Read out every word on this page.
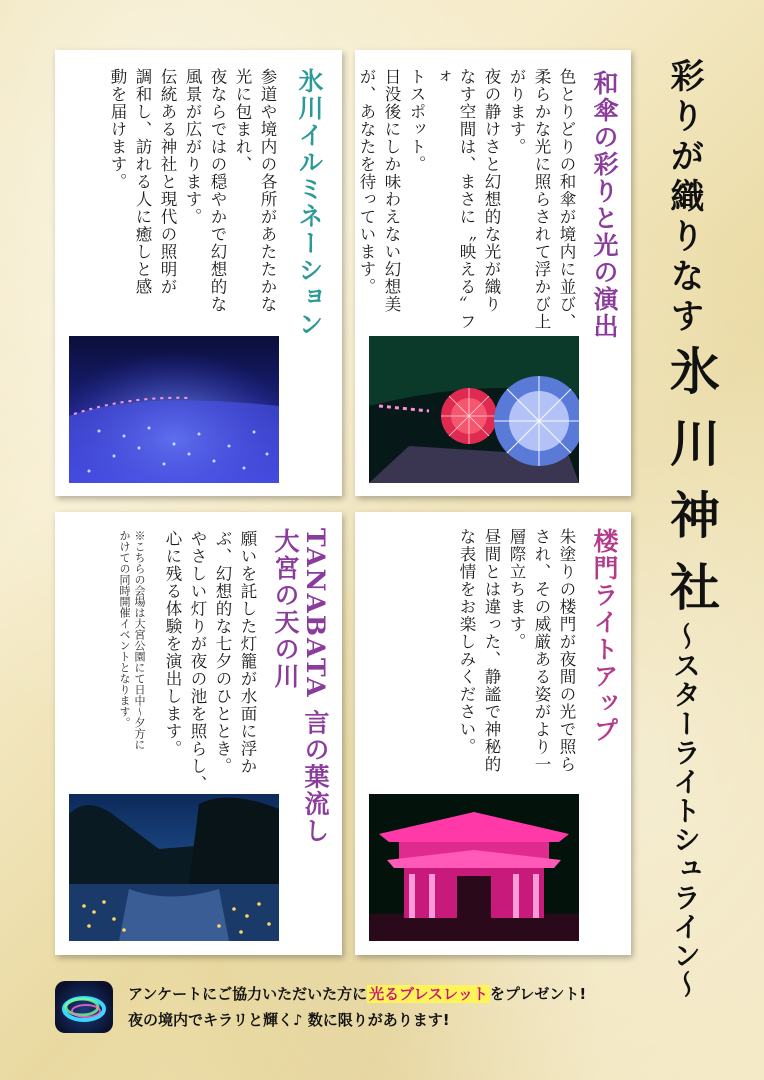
氷川イルミネーション
参道や境内の各所があたたかな
光に包まれ、
夜ならではの穏やかで幻想的な
風景が広がります。
伝統ある神社と現代の照明が
調和し、訪れる人に癒しと感
動を届けます。	和傘の彩りと光の演出
色とりどりの和傘が境内に並び、
柔らかな光に照らされて浮かび上
がります。
夜の静けさと幻想的な光が織り
なす空間は、まさに〝映える〟フォ
トスポット。
日没後にしか味わえない幻想美
が、あなたを待っています。
TANABATA 言の葉流し
大宮の天の川
願いを託した灯籠が水面に浮か
ぶ、幻想的な七夕のひととき。
やさしい灯りが夜の池を照らし、
心に残る体験を演出します。
※こちらの会場は大宮公園にて日中～夕方に
かけての同時開催イベントとなります。	楼門ライトアップ
朱塗りの楼門が夜間の光で照ら
され、その威厳ある姿がより一
層際立ちます。
昼間とは違った、静謐で神秘的
な表情をお楽しみください。
彩りが織りなす
氷川神社
～スターライトシュライン～
アンケートにご協力いただいた方に 光るブレスレット をプレゼント!
夜の境内でキラリと輝く♪ 数に限りがあります!
